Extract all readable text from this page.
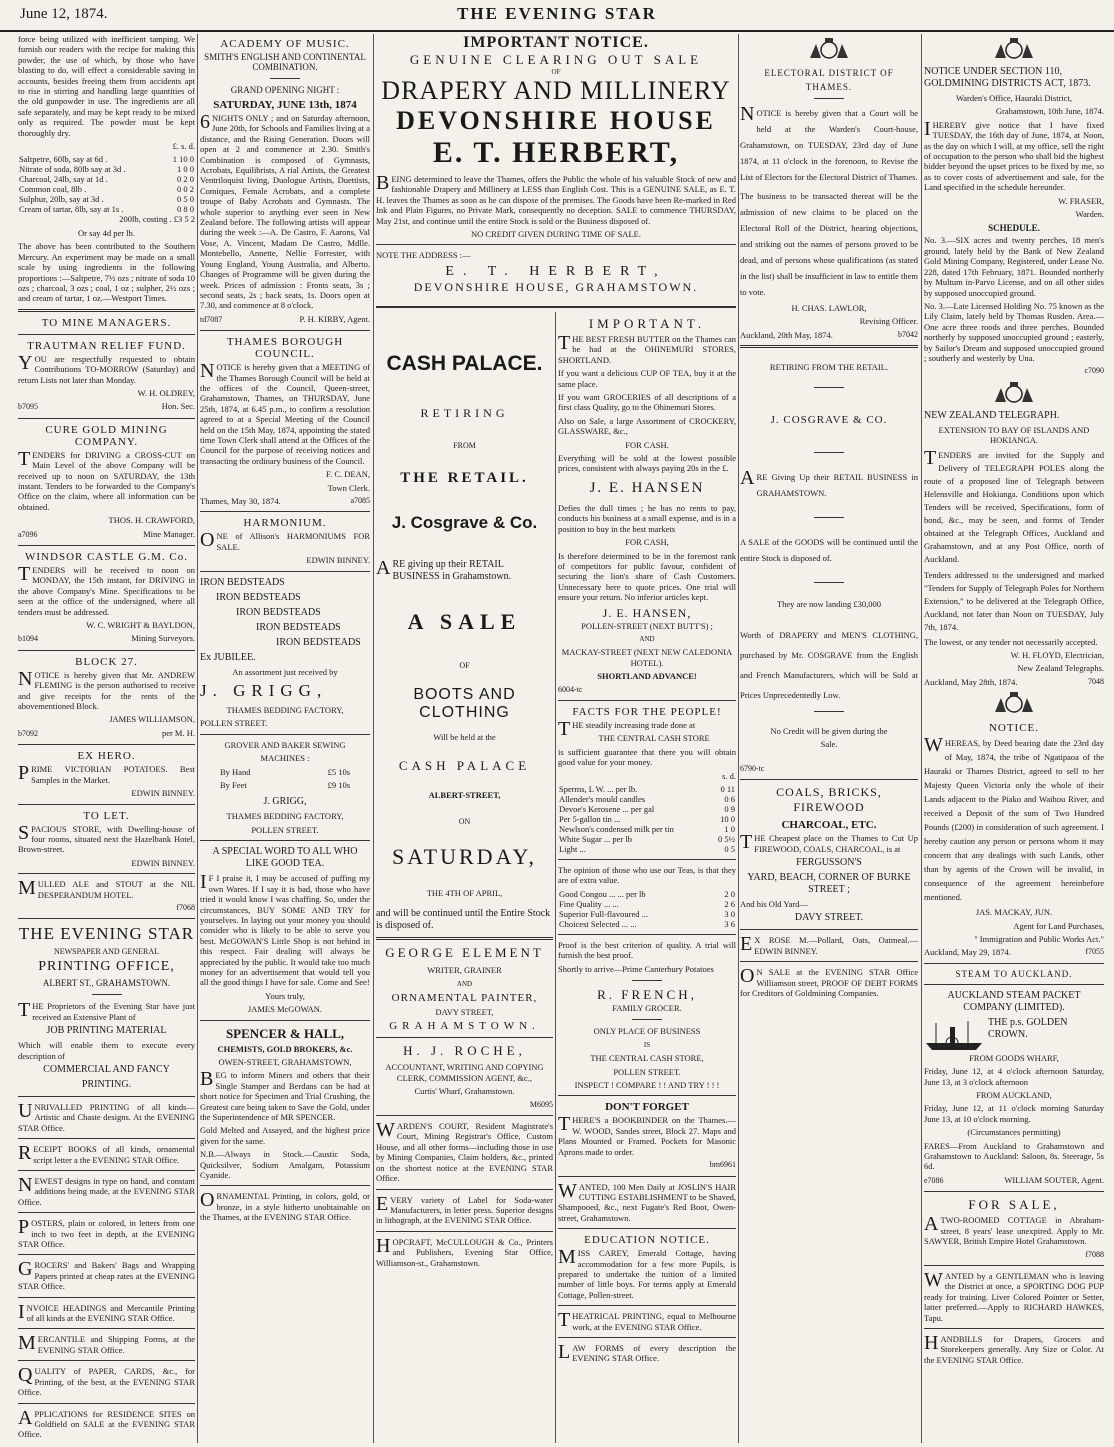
June 12, 1874.	THE EVENING STAR

force being utilized with inefficient tamping. We furnish our readers with the recipe for making this powder, the use of which, by those who have blasting to do, will effect a considerable saving in accounts, besides freeing them from accidents apt to rise in stirring and handling large quantities of the old gunpowder in use. The ingredients are all safe separately, and may be kept ready to be mixed only as required. The powder must be kept thoroughly dry.

£. s. d.

Saltpetre, 60lb, say at 6d .	1 10 0
Nitrate of soda, 80lb say at 3d .	1 0 0
Charcoal, 24lb, say at 1d .	0 2 0
Common coal, 8lb .	0 0 2
Sulphur, 20lb, say at 3d .	0 5 0
Cream of tartar, 8lb, say at 1s .	0 8 0

200lb, costing . £3 5 2

Or say 4d per lb.

The above has been contributed to the Southern Mercury. An experiment may be made on a small scale by using ingredients in the following proportions :—Saltpetre, 7½ ozs ; nitrate of soda 10 ozs ; charcoal, 3 ozs ; coal, 1 oz ; sulpher, 2½ ozs ; and cream of tartar, 1 oz.—Westport Times.

TO MINE MANAGERS.
TRAUTMAN RELIEF FUND.

YOU are respectfully requested to obtain Contributions TO-MORROW (Saturday) and return Lists not later than Monday.

W. H. OLDREY,

b7095	Hon. Sec.

CURE GOLD MINING COMPANY.

TENDERS for DRIVING a CROSS-CUT on Main Level of the above Company will be received up to noon on SATURDAY, the 13th instant. Tenders to be forwarded to the Company's Office on the claim, where all information can be obtained.

THOS. H. CRAWFORD,

a7096	Mine Manager.

WINDSOR CASTLE G.M. Co.

TENDERS will be received to noon on MONDAY, the 15th instant, for DRIVING in the above Company's Mine. Specifications to be seen at the office of the undersigned, where all tenders must be addressed.

W. C. WRIGHT & BAYLDON,

b1094	Mining Surveyors.

BLOCK 27.

NOTICE is hereby given that Mr. ANDREW FLEMING is the person authorised to receive and give receipts for the rents of the abovementioned Block.

JAMES WILLIAMSON,

b7092	per M. H.

EX HERO.

PRIME VICTORIAN POTATOES. Best Samples in the Market.

EDWIN BINNEY.

TO LET.

SPACIOUS STORE, with Dwelling-house of four rooms, situated next the Hazelbank Hotel, Brown-street.

EDWIN BINNEY.

MULLED ALE and STOUT at the NIL DESPERANDUM HOTEL.

f7068

THE EVENING STAR
NEWSPAPER AND GENERAL
PRINTING OFFICE,
ALBERT ST., GRAHAMSTOWN.

THE Proprietors of the Evening Star have just received an Extensive Plant of

JOB PRINTING MATERIAL

Which will enable them to execute every description of

COMMERCIAL AND FANCY

PRINTING.

UNRIVALLED PRINTING of all kinds—Artistic and Chaste designs. At the EVENING STAR Office.

RECEIPT BOOKS of all kinds, ornamental script letter a the EVENING STAR Office.

NEWEST designs in type on hand, and constant additions being made, at the EVENING STAR Office.

POSTERS, plain or colored, in letters from one inch to two feet in depth, at the EVENING STAR Office.

GROCERS' and Bakers' Bags and Wrapping Papers printed at cheap rates at the EVENING STAR Office.

INVOICE HEADINGS and Mercantile Printing of all kinds at the EVENING STAR Office.

MERCANTILE and Shipping Forms, at the EVENING STAR Office.

QUALITY of PAPER, CARDS, &c., for Printing, of the best, at the EVENING STAR Office.

APPLICATIONS for RESIDENCE SITES on Goldfield on SALE at the EVENING STAR Office.

ACADEMY OF MUSIC.
SMITH'S ENGLISH AND CONTINENTAL COMBINATION.
GRAND OPENING NIGHT :
SATURDAY, JUNE 13th, 1874

6NIGHTS ONLY ; and on Saturday afternoon, June 20th, for Schools and Families living at a distance, and the Rising Generation. Doors will open at 2 and commence at 2.30. Smith's Combination is composed of Gymnasts, Acrobats, Equilibrists, A rial Artists, the Greatest Ventriloquist living, Duologue Artists, Duettists, Comiques, Female Acrobats, and a complete troupe of Baby Acrobats and Gymnasts. The whole superior to anything ever seen in New Zealand before. The following artists will appear during the week :—A. De Castro, F. Aarons, Val Vose, A. Vincent, Madam De Castro, Mdlle. Montebello, Annette, Nellie Forrester, with Young England, Young Australia, and Alberto. Changes of Programme will be given during the week. Prices of admission : Fronts seats, 3s ; second seats, 2s ; back seats, 1s. Doors open at 7.30, and commence at 8 o'clock.

td7087	P. H. KIRBY, Agent.

THAMES BOROUGH COUNCIL.

NOTICE is hereby given that a MEETING of the Thames Borough Council will be held at the offices of the Council, Queen-street, Grahamstown, Thames, on THURSDAY, June 25th, 1874, at 6.45 p.m., to confirm a resolution agreed to at a Special Meeting of the Council held on the 15th May, 1874, appointing the stated time Town Clerk shall attend at the Offices of the Council for the purpose of receiving notices and transacting the ordinary business of the Council.

F. C. DEAN,

Town Clerk.

Thames, May 30, 1874.	a7085

HARMONIUM.

ONE of Allison's HARMONIUMS FOR SALE.

EDWIN BINNEY.

IRON BEDSTEADS

IRON BEDSTEADS

IRON BEDSTEADS

IRON BEDSTEADS

IRON BEDSTEADS

Ex JUBILEE.

An assortment just received by

J. GRIGG,

THAMES BEDDING FACTORY,

POLLEN STREET.

GROVER AND BAKER SEWING

MACHINES :

By Hand	£5 10s

By Feet	£9 10s

J. GRIGG,

THAMES BEDDING FACTORY,

POLLEN STREET.

A SPECIAL WORD TO ALL WHO LIKE GOOD TEA.

IF I praise it, I may be accused of puffing my own Wares. If I say it is bad, those who have tried it would know I was chaffing. So, under the circumstances, BUY SOME AND TRY for yourselves. In laying out your money you should consider who is likely to be able to serve you best. McGOWAN'S Little Shop is not behind in this respect. Fair dealing will always be appreciated by the public. It would take too much money for an advertisement that would tell you all the good things I have for sale. Come and See!

Yours truly,

JAMES McGOWAN.

SPENCER & HALL,

CHEMISTS, GOLD BROKERS, &c.

OWEN-STREET, GRAHAMSTOWN,

BEG to inform Miners and others that their Single Stamper and Berdans can be had at short notice for Specimen and Trial Crushing, the Greatest care being taken to Save the Gold, under the Superintendence of MR SPENCER.

Gold Melted and Assayed, and the highest price given for the same.

N.B.—Always in Stock.—Caustic Soda, Quicksilver, Sodium Amalgam, Potassium Cyanide.

ORNAMENTAL Printing, in colors, gold, or bronze, in a style hitherto unobtainable on the Thames, at the EVENING STAR Office.

IMPORTANT NOTICE.
GENUINE CLEARING OUT SALE
OF
DRAPERY AND MILLINERY
DEVONSHIRE HOUSE
E. T. HERBERT,

BEING determined to leave the Thames, offers the Public the whole of his valuable Stock of new and fashionable Drapery and Millinery at LESS than English Cost. This is a GENUINE SALE, as E. T. H. leaves the Thames as soon as he can dispose of the premises. The Goods have been Re-marked in Red Ink and Plain Figures, no Private Mark, consequently no deception. SALE to commence THURSDAY, May 21st, and continue until the entire Stock is sold or the Business disposed of.

NO CREDIT GIVEN DURING TIME OF SALE.

NOTE THE ADDRESS :—

E. T. HERBERT,

DEVONSHIRE HOUSE, GRAHAMSTOWN.

CASH PALACE.
RETIRING
FROM
THE RETAIL.
J. Cosgrave & Co.

ARE giving up their RETAIL BUSINESS in Grahamstown.

A SALE
OF
BOOTS AND CLOTHING

Will be held at the

CASH PALACE

ALBERT-STREET,

ON
SATURDAY,

THE 4TH OF APRIL,

and will be continued until the Entire Stock is disposed of.

GEORGE ELEMENT

WRITER, GRAINER

AND

ORNAMENTAL PAINTER,

DAVY STREET,

GRAHAMSTOWN.

H. J. ROCHE,

ACCOUNTANT, WRITING AND COPYING CLERK, COMMISSION AGENT, &c.,

Curtis' Wharf, Grahamstown.

M6095

WARDEN'S COURT, Resident Magistrate's Court, Mining Registrar's Office, Custom House, and all other forms—including those in use by Mining Companies, Claim holders, &c., printed on the shortest notice at the EVENING STAR Office.

EVERY variety of Label for Soda-water Manufacturers, in letter press. Superior designs in lithograph, at the EVENING STAR Office.

HOPCRAFT, McCULLOUGH & Co., Printers and Publishers, Evening Star Office, Williamson-st., Grahamstown.

IMPORTANT.

THE BEST FRESH BUTTER on the Thames can be had at the OHINEMURI STORES, SHORTLAND.

If you want a delicious CUP OF TEA, buy it at the same place.

If you want GROCERIES of all descriptions of a first class Quality, go to the Ohinemuri Stores.

Also on Sale, a large Assortment of CROCKERY, GLASSWARE, &c.,

FOR CASH.

Everything will be sold at the lowest possible prices, consistent with always paying 20s in the £.

J. E. HANSEN

Defies the dull times ; he has no rents to pay, conducts his business at a small expense, and is in a position to buy in the best markets

FOR CASH,

Is therefore determined to be in the foremost rank of competitors for public favour, confident of securing the lion's share of Cash Customers. Unnecessary here to quote prices. One trial will ensure your return. No inferior articles kept.

J. E. HANSEN,

POLLEN-STREET (NEXT BUTT'S) ;

AND

MACKAY-STREET (NEXT NEW CALEDONIA HOTEL).

SHORTLAND ADVANCE!

6004-tc

FACTS FOR THE PEOPLE!

THE steadily increasing trade done at

THE CENTRAL CASH STORE

is sufficient guarantee that there you will obtain good value for your money.

s. d.

Sperms, L W. ... per lb.	0 11
Allender's mould candles	0 6
Devoe's Kerosene ... per gal	0 9
Per 5-gallon tin ...	10 0
Newlson's condensed milk per tin	1 0
White Sugar ... per lb	0 5½
Light ...	0 5

The opinion of those who use our Teas, is that they are of extra value.

Good Congou ... ... per lb	2 0
Fine Quality ... ...	2 6
Superior Full-flavoured ...	3 0
Choicest Selected ... ...	3 6

Proof is the best criterion of quality. A trial will furnish the best proof.

Shortly to arrive—Prime Canterbury Potatoes

R. FRENCH,

FAMILY GROCER.

ONLY PLACE OF BUSINESS

IS

THE CENTRAL CASH STORE,

POLLEN STREET.

INSPECT ! COMPARE ! ! AND TRY ! ! !

DON'T FORGET

THERE'S a BOOKBINDER on the Thames.—W. WOOD, Sandes street, Block 27. Maps and Plans Mounted or Framed. Pockets for Masonic Aprons made to order.

bm6961

WANTED, 100 Men Daily at JOSLIN'S HAIR CUTTING ESTABLISHMENT to be Shaved, Shampooed, &c., next Fugate's Red Boot, Owen-street, Grahamstown.

EDUCATION NOTICE.

MISS CAREY, Emerald Cottage, having accommodation for a few more Pupils, is prepared to undertake the tuition of a limited number of little boys. For terms apply at Emerald Cottage, Pollen-street.

THEATRICAL PRINTING, equal to Melbourne work, at the EVENING STAR Office.

LAW FORMS of every description the EVENING STAR Office.

ELECTORAL DISTRICT OF
THAMES.

NOTICE is hereby given that a Court will be held at the Warden's Court-house, Grahamstown, on TUESDAY, 23rd day of June 1874, at 11 o'clock in the forenoon, to Revise the List of Electors for the Electoral District of Thames.

The business to be transacted thereat will be the admission of new claims to be placed on the Electoral Roll of the District, hearing objections, and striking out the names of persons proved to be dead, and of persons whose qualifications (as stated in the list) shall be insufficient in law to entitle them to vote.

H. CHAS. LAWLOR,

Revising Officer.

Auckland, 20th May, 1874.	b7042

RETIRING FROM THE RETAIL.

J. COSGRAVE & CO.

ARE Giving Up their RETAIL BUSINESS in GRAHAMSTOWN.

A SALE of the GOODS will be continued until the entire Stock is disposed of.

They are now landing £30,000

Worth of DRAPERY and MEN'S CLOTHING, purchased by Mr. COSGRAVE from the English and French Manufacturers, which will be Sold at Prices Unprecedentedly Low.

No Credit will be given during the

Sale.

6790-tc

COALS, BRICKS, FIREWOOD
CHARCOAL, ETC.

THE Cheapest place on the Thames to Cut Up FIREWOOD, COALS, CHARCOAL, is at

FERGUSSON'S

YARD, BEACH, CORNER OF BURKE STREET ;

And his Old Yard—

DAVY STREET.

EX ROSE M.—Pollard, Oats, Oatmeal.—EDWIN BINNEY.

ON SALE at the EVENING STAR Office Williamson street, PROOF OF DEBT FORMS for Creditors of Goldmining Companies.

NOTICE UNDER SECTION 110, GOLDMINING DISTRICTS ACT, 1873.

Warden's Office, Hauraki District,

Grahamstown, 10th June, 1874.

IHEREBY give notice that I have fixed TUESDAY, the 16th day of June, 1874, at Noon, as the day on which I will, at my office, sell the right of occupation to the person who shall bid the highest bidder beyond the upset prices to be fixed by me, so as to cover costs of advertisement and sale, for the Land specified in the schedule hereunder.

W. FRASER,

Warden.

SCHEDULE.

No. 3.—SIX acres and twenty perches, 18 men's ground, lately held by the Bank of New Zealand Gold Mining Company, Registered, under Lease No. 228, dated 17th February, 1871. Bounded northerly by Multum in-Parvo License, and on all other sides by supposed unoccupied ground.

No. 3.—Late Licensed Holding No. 75 known as the Lily Claim, lately held by Thomas Rusden. Area.—One acre three roods and three perches. Bounded northerly by supposed unoccupied ground ; easterly, by Sailor's Dream and supposed unoccupied ground ; southerly and westerly by Una.

c7090

NEW ZEALAND TELEGRAPH.

EXTENSION TO BAY OF ISLANDS AND HOKIANGA.

TENDERS are invited for the Supply and Delivery of TELEGRAPH POLES along the route of a proposed line of Telegraph between Helensville and Hokianga. Conditions upon which Tenders will be received, Specifications, form of bond, &c., may be seen, and forms of Tender obtained at the Telegraph Offices, Auckland and Grahamstown, and at any Post Office, north of Auckland.

Tenders addressed to the undersigned and marked "Tenders for Supply of Telegraph Poles for Northern Extension," to be delivered at the Telegraph Office, Auckland, not later than Noon on TUESDAY, July 7th, 1874.

The lowest, or any tender not necessarily accepted.

W. H. FLOYD, Electrician,

New Zealand Telegraphs.

Auckland, May 28th, 1874.	7048

NOTICE.

WHEREAS, by Deed bearing date the 23rd day of May, 1874, the tribe of Ngatipaoa of the Hauraki or Thames District, agreed to sell to her Majesty Queen Victoria only the whole of their Lands adjacent to the Piako and Waihou River, and received a Deposit of the sum of Two Hundred Pounds (£200) in consideration of such agreement. I hereby caution any person or persons whom it may concern that any dealings with such Lands, other than by agents of the Crown will be invalid, in consequence of the agreement hereinbefore mentioned.

JAS. MACKAY, JUN.

Agent for Land Purchases,

" Immigration and Public Works Act."

Auckland, May 29, 1874.	f7055

STEAM TO AUCKLAND.

AUCKLAND STEAM PACKET COMPANY (LIMITED).

THE p.s. GOLDEN CROWN.

FROM GOODS WHARF,

Friday, June 12, at 4 o'clock afternoon Saturday, June 13, at 3 o'clock afternoon

FROM AUCKLAND,

Friday, June 12, at 11 o'clock morning Saturday June 13, at 10 o'clock morning.

(Circumstances permitting)

FARES—From Auckland to Grahamstown and Grahamstown to Auckland: Saloon, 8s. Steerage, 5s 6d.

e7086	WILLIAM SOUTER, Agent.

FOR SALE,

ATWO-ROOMED COTTAGE in Abraham-street, 8 years' lease unexpired. Apply to Mr. SAWYER, British Empire Hotel Grahamstown.

f7088

WANTED by a GENTLEMAN who is leaving the District at once, a SPORTING DOG PUP ready for training. Liver Colored Pointer or Setter, latter preferred.—Apply to RICHARD HAWKES, Tapu.

HANDBILLS for Drapers, Grocers and Storekeepers generally. Any Size or Color. At the EVENING STAR Office.
